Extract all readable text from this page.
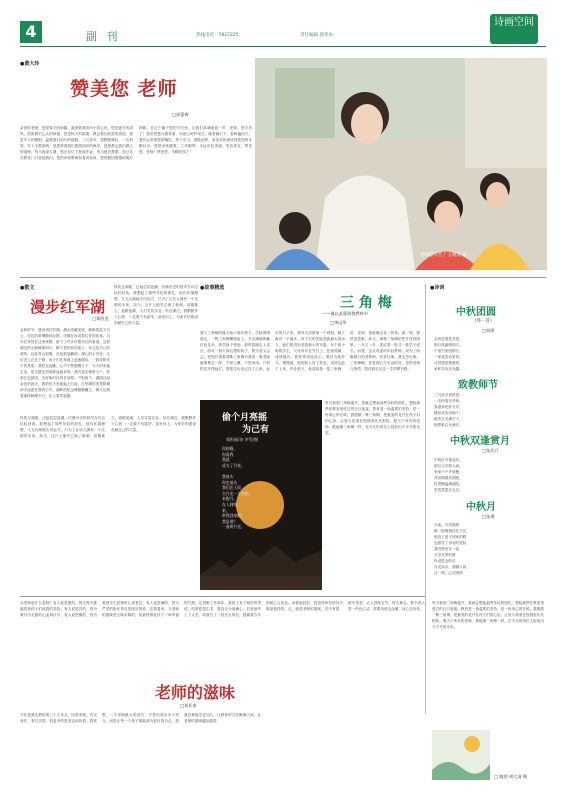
4	副 刊	热线电话：7827225	责任编辑 徐华由
诗画空间
●黄大玲
赞美您 老师
□崔蕾梅
老师您辛苦了 王晓昊 摄
亲爱的老师，您是春天的雨露，滋润着我们幼小的心田；您是夏日的清风，吹散我们心头的烦恼；您是秋天的硕果，教会我们收获的喜悦；您是冬日的暖阳，温暖我们前行的道路。三尺讲台，您默默耕耘，一支粉笔，写下无数春秋。是您带领我们遨游知识的海洋，是您教会我们做人的道理。每当夜深人静，您还在灯下批改作业；每当晨光熹微，您已站在教室门口迎接我们。您的谆谆教诲如春风化雨，您的殷切期望似明灯指路。在这个属于您的节日里，让我们真诚地说一声：老师，您辛苦了！您用智慧点燃希望，用爱心呵护成长，桃李满天下，春晖遍四方。我们会带着您的嘱托，努力学习，勇敢追梦，用优异的成绩回报您的辛勤付出。愿您身体健康，工作顺利，永远年轻美丽，笑容常在。赞美您，老师！赞美您，辛勤的园丁！
●散文
漫步红军湖
□郑照进
金秋时节，我来到红军湖。湖水清澈见底，倒映着蓝天白云，岸边的垂柳随风轻摆，仿佛在诉说着往昔的故事。当年红军曾在这里休整，留下了许多可歌可泣的事迹。沿着湖边的小路缓缓前行，脚下是松软的泥土，耳边是鸟儿的欢鸣，远处青山如黛，近处稻浪翻滚。湖心的小亭里，几位老人正在下棋，孩子们在草地上追逐嬉戏，一派祥和安宁的景象。我驻足远眺，心中不禁感慨万千：今天的幸福生活，是无数先烈用鲜血换来的。我们更应珍惜当下，传承红色基因，走好新时代的长征路。夕阳西下，湖面泛起金色的波光，我依依不舍地踏上归途，红军湖的美景和精神永远留在我的心中。湖畔的纪念碑静静矗立，碑文记载着那段峥嵘岁月，让人肃然起敬。
风吹过湖面，泛起层层涟漪，仿佛历史的回声在耳边轻轻回荡。我想起了那些年轻的面孔，他们怀揣理想，义无反顾地走向远方，只为了让后人拥有一个光明的未来。如今，这片土地早已换了新颜，高楼林立，道路宽阔，人们安居乐业。站在湖边，我默默许下心愿：一定要不负韶华，奋发向上，为家乡的建设贡献自己的力量。
偷个月亮摇
为己有
郑积福/诗 茅雪/摄
你抬眼，
你看我
我就
成为了月亮。

我低头
你也低头
我们在人间
欠月光一个拥抱。
来抱月，
在人间吧，
来，
带我回家吧！
我是谁？
一壶明月光。
●故事精选
三 角 梅
——谨以此篇致敬教师节
□李远华
我与三角梅的缘分始于那年秋天。学校的围墙边，一株三角梅攀援而上，开出满墙的紫红色花朵，热烈而不张扬。那时我刚走上讲台，面对一群天真烂漫的孩子，既兴奋又忐忑。老校长指着那株三角梅对我说：做老师就要像它一样，不择土壤，不畏风雨，只管把花开得灿烂。我把这句话记在了心里。此后的日子里，我每天清晨第一个到校，晚上最后一个离开。孩子们的笑脸是我最大的动力，他们的进步是我最大的安慰。有个叫小明的学生，父母常年在外打工，性格孤僻，成绩落后。我常常找他谈心，课后为他补习，慢慢地，他的脸上有了笑容，成绩也赶了上来。毕业那天，他送给我一盆三角梅，说：老师，您就像这花一样美。那一刻，我热泪盈眶。如今，那株三角梅依然开在校园里，一年又一年，见证着一批又一批学子成长。而我，也从青涩的年轻教师，成为了两鬓斑白的老教师。回首往事，我无怨无悔。三角梅啊，你是我心中永远的花，你的坚韧与热情，将伴我走完这一生的教书路。
每当看到三角梅盛开，我就会想起那些年轻的面孔，想起那些在教室里度过的日日夜夜。教育是一场温柔的坚持，是一份用心的守候。我愿做一株三角梅，把最美的花开在孩子们的心田，让爱与希望在校园里代代相传。愿天下所有的老师，都能像三角梅一样，在平凡的岗位上绽放出不平凡的光彩。
●诗词
中秋团圆
（外一首）
□胡建
金风送爽桂花香，
明月高悬照四方。
千里归来团圆日，
一家欢笑话家常。
月饼甜香情意浓，
举杯共庆乐无疆。
致教师节
三尺讲台育栋梁，
一支粉笔写华章。
春蚕到死丝方尽，
蜡炬成灰泪始干。
桃李芬芳满天下，
师恩难忘永流长。
中秋双逢赏月
□张武兵
中秋佳节逢双庆，
明月当空照人间。
家家户户齐欢聚，
共赏婵娟话团圆。
桂香飘溢满庭院，
笑语盈盈乐无边。
中秋月
□张勇
今夜，月亮很圆
像一面明镜挂在天边
照亮了游子回家的路
也照亮了母亲的笑脸
我们围坐在一起
分享月饼的甜
诉说思念的长
月光如水，洒满人间
这一刻，心在团圆
风吹过湖面，泛起层层涟漪，仿佛历史的回声在耳边轻轻回荡。我想起了那些年轻的面孔，他们怀揣理想，义无反顾地走向远方，只为了让后人拥有一个光明的未来。如今，这片土地早已换了新颜，高楼林立，道路宽阔，人们安居乐业。站在湖边，我默默许下心愿：一定要不负韶华，奋发向上，为家乡的建设贡献自己的力量。
当老师是什么滋味？有人说是甜的，因为每天都能看到孩子们纯真的笑脸；有人说是苦的，因为要付出无数的心血和汗水；有人说是酸的，因为看到学生犯错时心里着急；有人说是辣的，因为严厉的批评背后是深沉的爱。在我看来，当老师的滋味是五味杂陈的，但最终都化作了一种幸福的甘甜。记得刚工作那年，我班上有个调皮的男孩，经常惹是生非，我没少为他操心。后来他考上了大学，给我写了一封长长的信，感谢我当年的耐心与包容。读着那封信，我觉得所有的付出都是值得的。这，就是老师的滋味，苦中有甜，甜中带香，让人回味无穷，终生难忘。教书育人是一份良心活，需要用爱去浇灌，用心去经营。
老师的滋味
□刘亚南
今年是我从教的第三十个年头，回望来路，有过迷茫，有过彷徨，但更多的是坚定和执着。我常想，一个老师最大的成功，不是培养出多少状元，而是让每一个孩子都能成为更好的自己。愿我们都能守住初心，让教育的芬芳飘满人间，让老师的滋味越品越香。
每当看到三角梅盛开，我就会想起那些年轻的面孔，想起那些在教室里度过的日日夜夜。教育是一场温柔的坚持，是一份用心的守候。我愿做一株三角梅，把最美的花开在孩子们的心田，让爱与希望在校园里代代相传。愿天下所有的老师，都能像三角梅一样，在平凡的岗位上绽放出不平凡的光彩。
□ 题图 胡大清 摄
